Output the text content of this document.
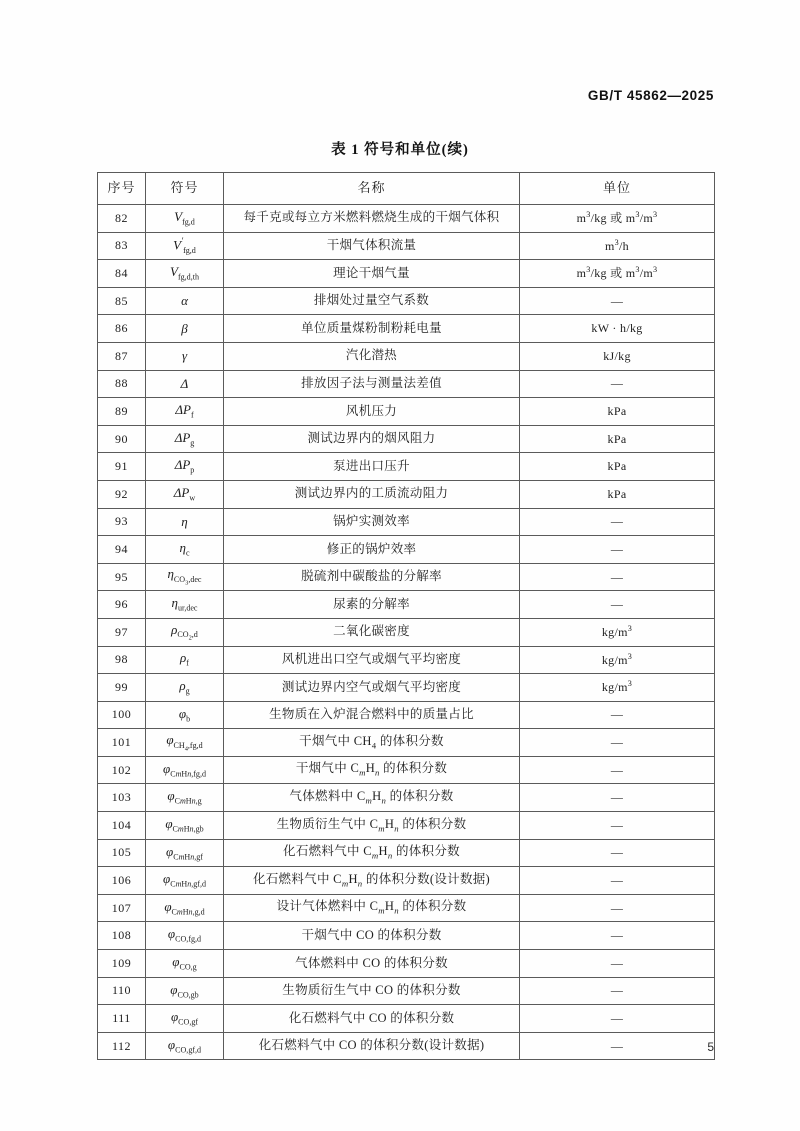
GB/T 45862—2025
表 1 符号和单位(续)
序号	符号	名称	单位
82	$V_{fg,d}$	每千克或每立方米燃料燃烧生成的干烟气体积	$m^3/kg$ 或 $m^3/m^3$
83	$V'_{fg,d}$	干烟气体积流量	$m^3/h$
84	$V_{fg,d,th}$	理论干烟气量	$m^3/kg$ 或 $m^3/m^3$
85	α	排烟处过量空气系数	—
86	β	单位质量煤粉制粉耗电量	kW · h/kg
87	γ	汽化潜热	kJ/kg
88	Δ	排放因子法与测量法差值	—
89	$\Delta P_f$	风机压力	kPa
90	$\Delta P_g$	测试边界内的烟风阻力	kPa
91	$\Delta P_p$	泵进出口压升	kPa
92	$\Delta P_w$	测试边界内的工质流动阻力	kPa
93	η	锅炉实测效率	—
94	$\eta_c$	修正的锅炉效率	—
95	$\eta_{CO_3,dec}$	脱硫剂中碳酸盐的分解率	—
96	$\eta_{ur,dec}$	尿素的分解率	—
97	$\rho_{CO_2,d}$	二氧化碳密度	$kg/m^3$
98	$\rho_f$	风机进出口空气或烟气平均密度	$kg/m^3$
99	$\rho_g$	测试边界内空气或烟气平均密度	$kg/m^3$
100	$\varphi_b$	生物质在入炉混合燃料中的质量占比	—
101	$\varphi_{CH_4,fg,d}$	干烟气中 $CH_4$ 的体积分数	—
102	$\varphi_{CmHn,fg,d}$	干烟气中 $C_mH_n$ 的体积分数	—
103	$\varphi_{CmHn,g}$	气体燃料中 $C_mH_n$ 的体积分数	—
104	$\varphi_{CmHn,gb}$	生物质衍生气中 $C_mH_n$ 的体积分数	—
105	$\varphi_{CmHn,gf}$	化石燃料气中 $C_mH_n$ 的体积分数	—
106	$\varphi_{CmHn,gf,d}$	化石燃料气中 $C_mH_n$ 的体积分数(设计数据)	—
107	$\varphi_{CmHn,g,d}$	设计气体燃料中 $C_mH_n$ 的体积分数	—
108	$\varphi_{CO,fg,d}$	干烟气中 CO 的体积分数	—
109	$\varphi_{CO,g}$	气体燃料中 CO 的体积分数	—
110	$\varphi_{CO,gb}$	生物质衍生气中 CO 的体积分数	—
111	$\varphi_{CO,gf}$	化石燃料气中 CO 的体积分数	—
112	$\varphi_{CO,gf,d}$	化石燃料气中 CO 的体积分数(设计数据)	—	5
